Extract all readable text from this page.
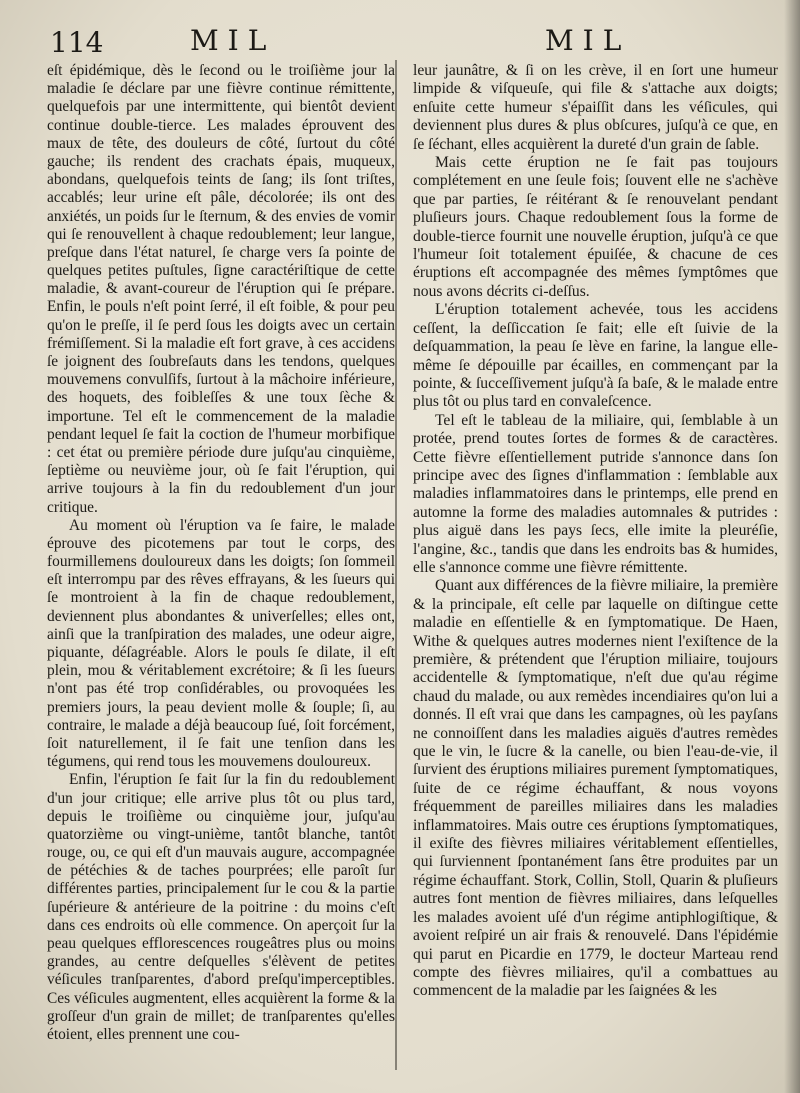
114	MIL	MIL

eſt épidémique, dès le ſecond ou le troiſième jour la maladie ſe déclare par une fièvre continue rémittente, quelquefois par une intermittente, qui bientôt devient continue double-tierce. Les malades éprouvent des maux de tête, des douleurs de côté, ſurtout du côté gauche; ils rendent des crachats épais, muqueux, abondans, quelquefois teints de ſang; ils ſont triſtes, accablés; leur urine eſt pâle, décolorée; ils ont des anxiétés, un poids ſur le ſternum, & des envies de vomir qui ſe renouvellent à chaque redoublement; leur langue, preſque dans l'état naturel, ſe charge vers ſa pointe de quelques petites puſtules, ſigne caractériſtique de cette maladie, & avant-coureur de l'éruption qui ſe prépare. Enfin, le pouls n'eſt point ſerré, il eſt foible, & pour peu qu'on le preſſe, il ſe perd ſous les doigts avec un certain frémiſſement. Si la maladie eſt fort grave, à ces accidens ſe joignent des ſoubreſauts dans les tendons, quelques mouvemens convulſifs, ſurtout à la mâchoire inférieure, des hoquets, des foibleſſes & une toux ſèche & importune. Tel eſt le commencement de la maladie pendant lequel ſe fait la coction de l'humeur morbifique : cet état ou première période dure juſqu'au cinquième, ſeptième ou neuvième jour, où ſe fait l'éruption, qui arrive toujours à la fin du redoublement d'un jour critique.

Au moment où l'éruption va ſe faire, le malade éprouve des picotemens par tout le corps, des fourmillemens douloureux dans les doigts; ſon ſommeil eſt interrompu par des rêves effrayans, & les ſueurs qui ſe montroient à la fin de chaque redoublement, deviennent plus abondantes & univerſelles; elles ont, ainſi que la tranſpiration des malades, une odeur aigre, piquante, déſagréable. Alors le pouls ſe dilate, il eſt plein, mou & véritablement excrétoire; & ſi les ſueurs n'ont pas été trop conſidérables, ou provoquées les premiers jours, la peau devient molle & ſouple; ſi, au contraire, le malade a déjà beaucoup ſué, ſoit forcément, ſoit naturellement, il ſe fait une tenſion dans les tégumens, qui rend tous les mouvemens douloureux.

Enfin, l'éruption ſe fait ſur la fin du redoublement d'un jour critique; elle arrive plus tôt ou plus tard, depuis le troiſième ou cinquième jour, juſqu'au quatorzième ou vingt-unième, tantôt blanche, tantôt rouge, ou, ce qui eſt d'un mauvais augure, accompagnée de pétéchies & de taches pourprées; elle paroît ſur différentes parties, principalement ſur le cou & la partie ſupérieure & antérieure de la poitrine : du moins c'eſt dans ces endroits où elle commence. On aperçoit ſur la peau quelques efflorescences rougeâtres plus ou moins grandes, au centre deſquelles s'élèvent de petites véſicules tranſparentes, d'abord preſqu'imperceptibles. Ces véſicules augmentent, elles acquièrent la forme & la groſſeur d'un grain de millet; de tranſparentes qu'elles étoient, elles prennent une cou-

leur jaunâtre, & ſi on les crève, il en ſort une humeur limpide & viſqueuſe, qui file & s'attache aux doigts; enſuite cette humeur s'épaiſſit dans les véſicules, qui deviennent plus dures & plus obſcures, juſqu'à ce que, en ſe ſéchant, elles acquièrent la dureté d'un grain de ſable.

Mais cette éruption ne ſe fait pas toujours complétement en une ſeule fois; ſouvent elle ne s'achève que par parties, ſe réitérant & ſe renouvelant pendant pluſieurs jours. Chaque redoublement ſous la forme de double-tierce fournit une nouvelle éruption, juſqu'à ce que l'humeur ſoit totalement épuiſée, & chacune de ces éruptions eſt accompagnée des mêmes ſymptômes que nous avons décrits ci-deſſus.

L'éruption totalement achevée, tous les accidens ceſſent, la deſſiccation ſe fait; elle eſt ſuivie de la deſquammation, la peau ſe lève en farine, la langue elle-même ſe dépouille par écailles, en commençant par la pointe, & ſucceſſivement juſqu'à ſa baſe, & le malade entre plus tôt ou plus tard en convaleſcence.

Tel eſt le tableau de la miliaire, qui, ſemblable à un protée, prend toutes ſortes de formes & de caractères. Cette fièvre eſſentiellement putride s'annonce dans ſon principe avec des ſignes d'inflammation : ſemblable aux maladies inflammatoires dans le printemps, elle prend en automne la forme des maladies automnales & putrides : plus aiguë dans les pays ſecs, elle imite la pleuréſie, l'angine, &c., tandis que dans les endroits bas & humides, elle s'annonce comme une fièvre rémittente.

Quant aux différences de la fièvre miliaire, la première & la principale, eſt celle par laquelle on diſtingue cette maladie en eſſentielle & en ſymptomatique. De Haen, Withe & quelques autres modernes nient l'exiſtence de la première, & prétendent que l'éruption miliaire, toujours accidentelle & ſymptomatique, n'eſt due qu'au régime chaud du malade, ou aux remèdes incendiaires qu'on lui a donnés. Il eſt vrai que dans les campagnes, où les payſans ne connoiſſent dans les maladies aiguës d'autres remèdes que le vin, le ſucre & la canelle, ou bien l'eau-de-vie, il ſurvient des éruptions miliaires purement ſymptomatiques, ſuite de ce régime échauffant, & nous voyons fréquemment de pareilles miliaires dans les maladies inflammatoires. Mais outre ces éruptions ſymptomatiques, il exiſte des fièvres miliaires véritablement eſſentielles, qui ſurviennent ſpontanément ſans être produites par un régime échauffant. Stork, Collin, Stoll, Quarin & pluſieurs autres font mention de fièvres miliaires, dans leſquelles les malades avoient uſé d'un régime antiphlogiſtique, & avoient reſpiré un air frais & renouvelé. Dans l'épidémie qui parut en Picardie en 1779, le docteur Marteau rend compte des fièvres miliaires, qu'il a combattues au commencent de la maladie par les ſaignées & les
